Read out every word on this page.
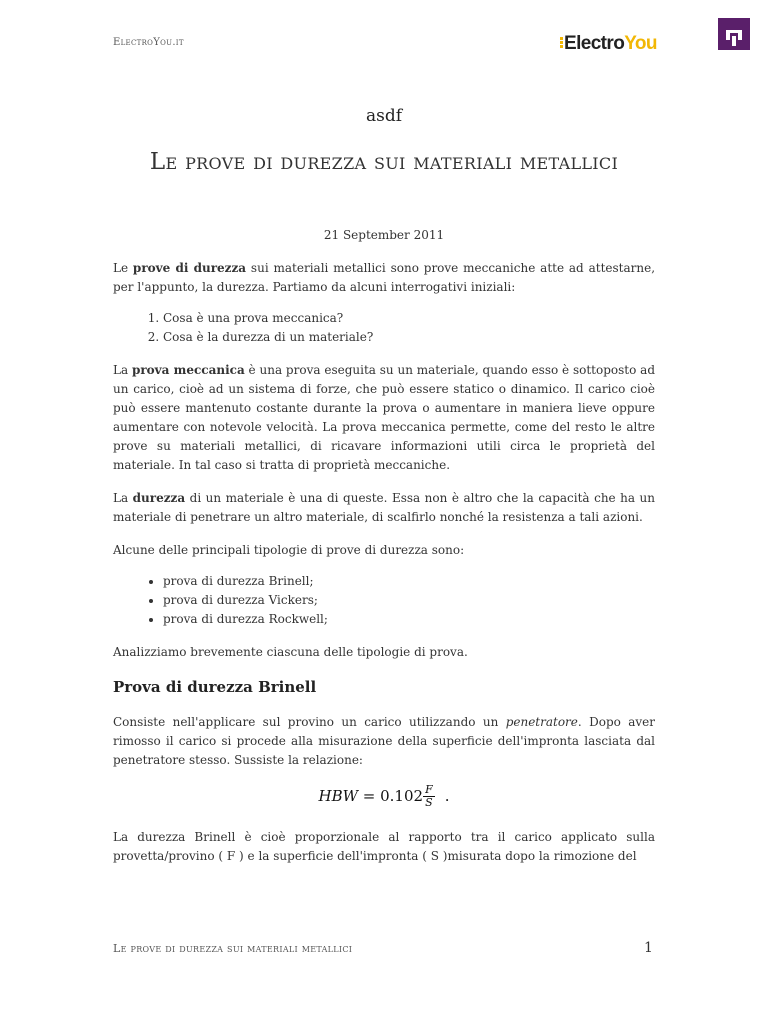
ElectroYou.it	ElectroYou
asdf
Le prove di durezza sui materiali metallici
21 September 2011

Le prove di durezza sui materiali metallici sono prove meccaniche atte ad attestarne, per l'appunto, la durezza. Partiamo da alcuni interrogativi iniziali:

1. Cosa è una prova meccanica?
2. Cosa è la durezza di un materiale?

La prova meccanica è una prova eseguita su un materiale, quando esso è sottoposto ad un carico, cioè ad un sistema di forze, che può essere statico o dinamico. Il carico cioè può essere mantenuto costante durante la prova o aumentare in maniera lieve oppure aumentare con notevole velocità. La prova meccanica permette, come del resto le altre prove su materiali metallici, di ricavare informazioni utili circa le proprietà del materiale. In tal caso si tratta di proprietà meccaniche.

La durezza di un materiale è una di queste. Essa non è altro che la capacità che ha un materiale di penetrare un altro materiale, di scalfirlo nonché la resistenza a tali azioni.

Alcune delle principali tipologie di prove di durezza sono:

• prova di durezza Brinell;
• prova di durezza Vickers;
• prova di durezza Rockwell;

Analizziamo brevemente ciascuna delle tipologie di prova.

Prova di durezza Brinell

Consiste nell'applicare sul provino un carico utilizzando un penetratore. Dopo aver rimosso il carico si procede alla misurazione della superficie dell'impronta lasciata dal penetratore stesso. Sussiste la relazione:

HBW = $0.102 \frac{F}{S}$ .

La durezza Brinell è cioè proporzionale al rapporto tra il carico applicato sulla provetta/provino ( F ) e la superficie dell'impronta ( S )misurata dopo la rimozione del

Le prove di durezza sui materiali metallici	1
